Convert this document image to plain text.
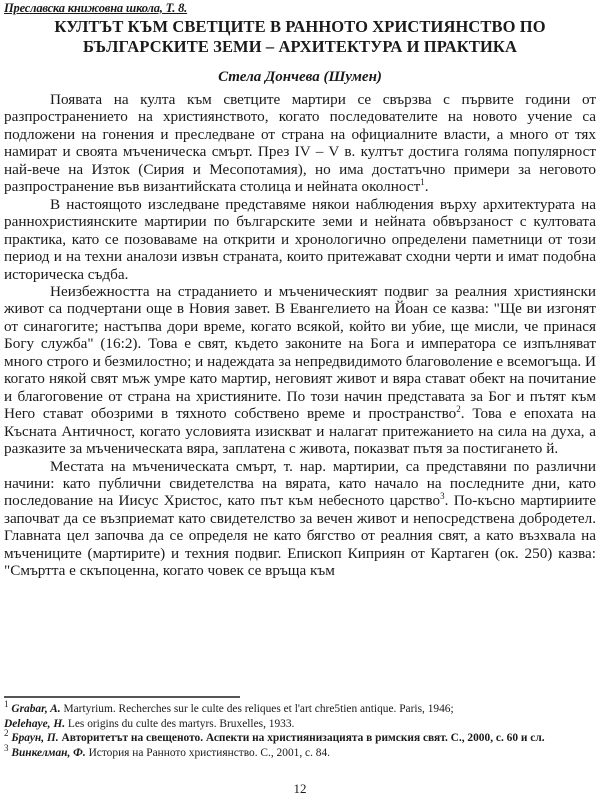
Преславска книжовна школа, Т. 8.
КУЛТЪТ КЪМ СВЕТЦИТЕ В РАННОТО ХРИСТИЯНСТВО ПО
БЪЛГАРСКИТЕ ЗЕМИ – АРХИТЕКТУРА И ПРАКТИКА
Стела Дончева (Шумен)

Появата на култа към светците мартири се свързва с първите години от разпространението на християнството, когато последователите на новото учение са подложени на гонения и преследване от страна на официалните власти, а много от тях намират и своята мъченическа смърт. През IV – V в. култът достига голяма популярност най-вече на Изток (Сирия и Месопотамия), но има достатъчно примери за неговото разпространение във византийската столица и нейната околност$^1$.

В настоящото изследване представяме някои наблюдения върху архитектурата на раннохристиянските мартирии по българските земи и нейната обвързаност с култовата практика, като се позоваваме на открити и хронологично определени паметници от този период и на техни аналози извън страната, които притежават сходни черти и имат подобна историческа съдба.

Неизбежността на страданието и мъченическият подвиг за реалния християнски живот са подчертани още в Новия завет. В Евангелието на Йоан се казва: "Ще ви изгонят от синагогите; настъпва дори време, когато всякой, който ви убие, ще мисли, че принася Богу служба" (16:2). Това е свят, където законите на Бога и императора се изпълняват много строго и безмилостно; и надеждата за непредвидимото благоволение е всемогъща. И когато някой свят мъж умре като мартир, неговият живот и вяра стават обект на почитание и благоговение от страна на християните. По този начин представата за Бог и пътят към Него стават обозрими в тяхното собствено време и пространство$^2$. Това е епохата на Късната Античност, когато условията изискват и налагат притежанието на сила на духа, а разказите за мъченическата вяра, заплатена с живота, показват пътя за постигането й.

Местата на мъченическата смърт, т. нар. мартирии, са представяни по различни начини: като публични свидетелства на вярата, като начало на последните дни, като последование на Иисус Христос, като път към небесното царство$^3$. По-късно мартириите започват да се възприемат като свидетелство за вечен живот и непосредствена добродетел. Главната цел започва да се определя не като бягство от реалния свят, а като възхвала на мъчениците (мартирите) и техния подвиг. Епископ Киприян от Картаген (ок. 250) казва: "Смъртта е скъпоценна, когато човек се връща към

$^1$ Grabar, A. Martyrium. Recherches sur le culte des reliques et l'art chre5tien antique. Paris, 1946;
Delehaye, H. Les origins du culte des martyrs. Bruxelles, 1933.

$^2$ Браун, П. Авторитетът на свещеното. Аспекти на християнизацията в римския свят. С., 2000, с. 60 и сл.

$^3$ Винкелман, Ф. История на Ранното християнство. С., 2001, с. 84.

12
